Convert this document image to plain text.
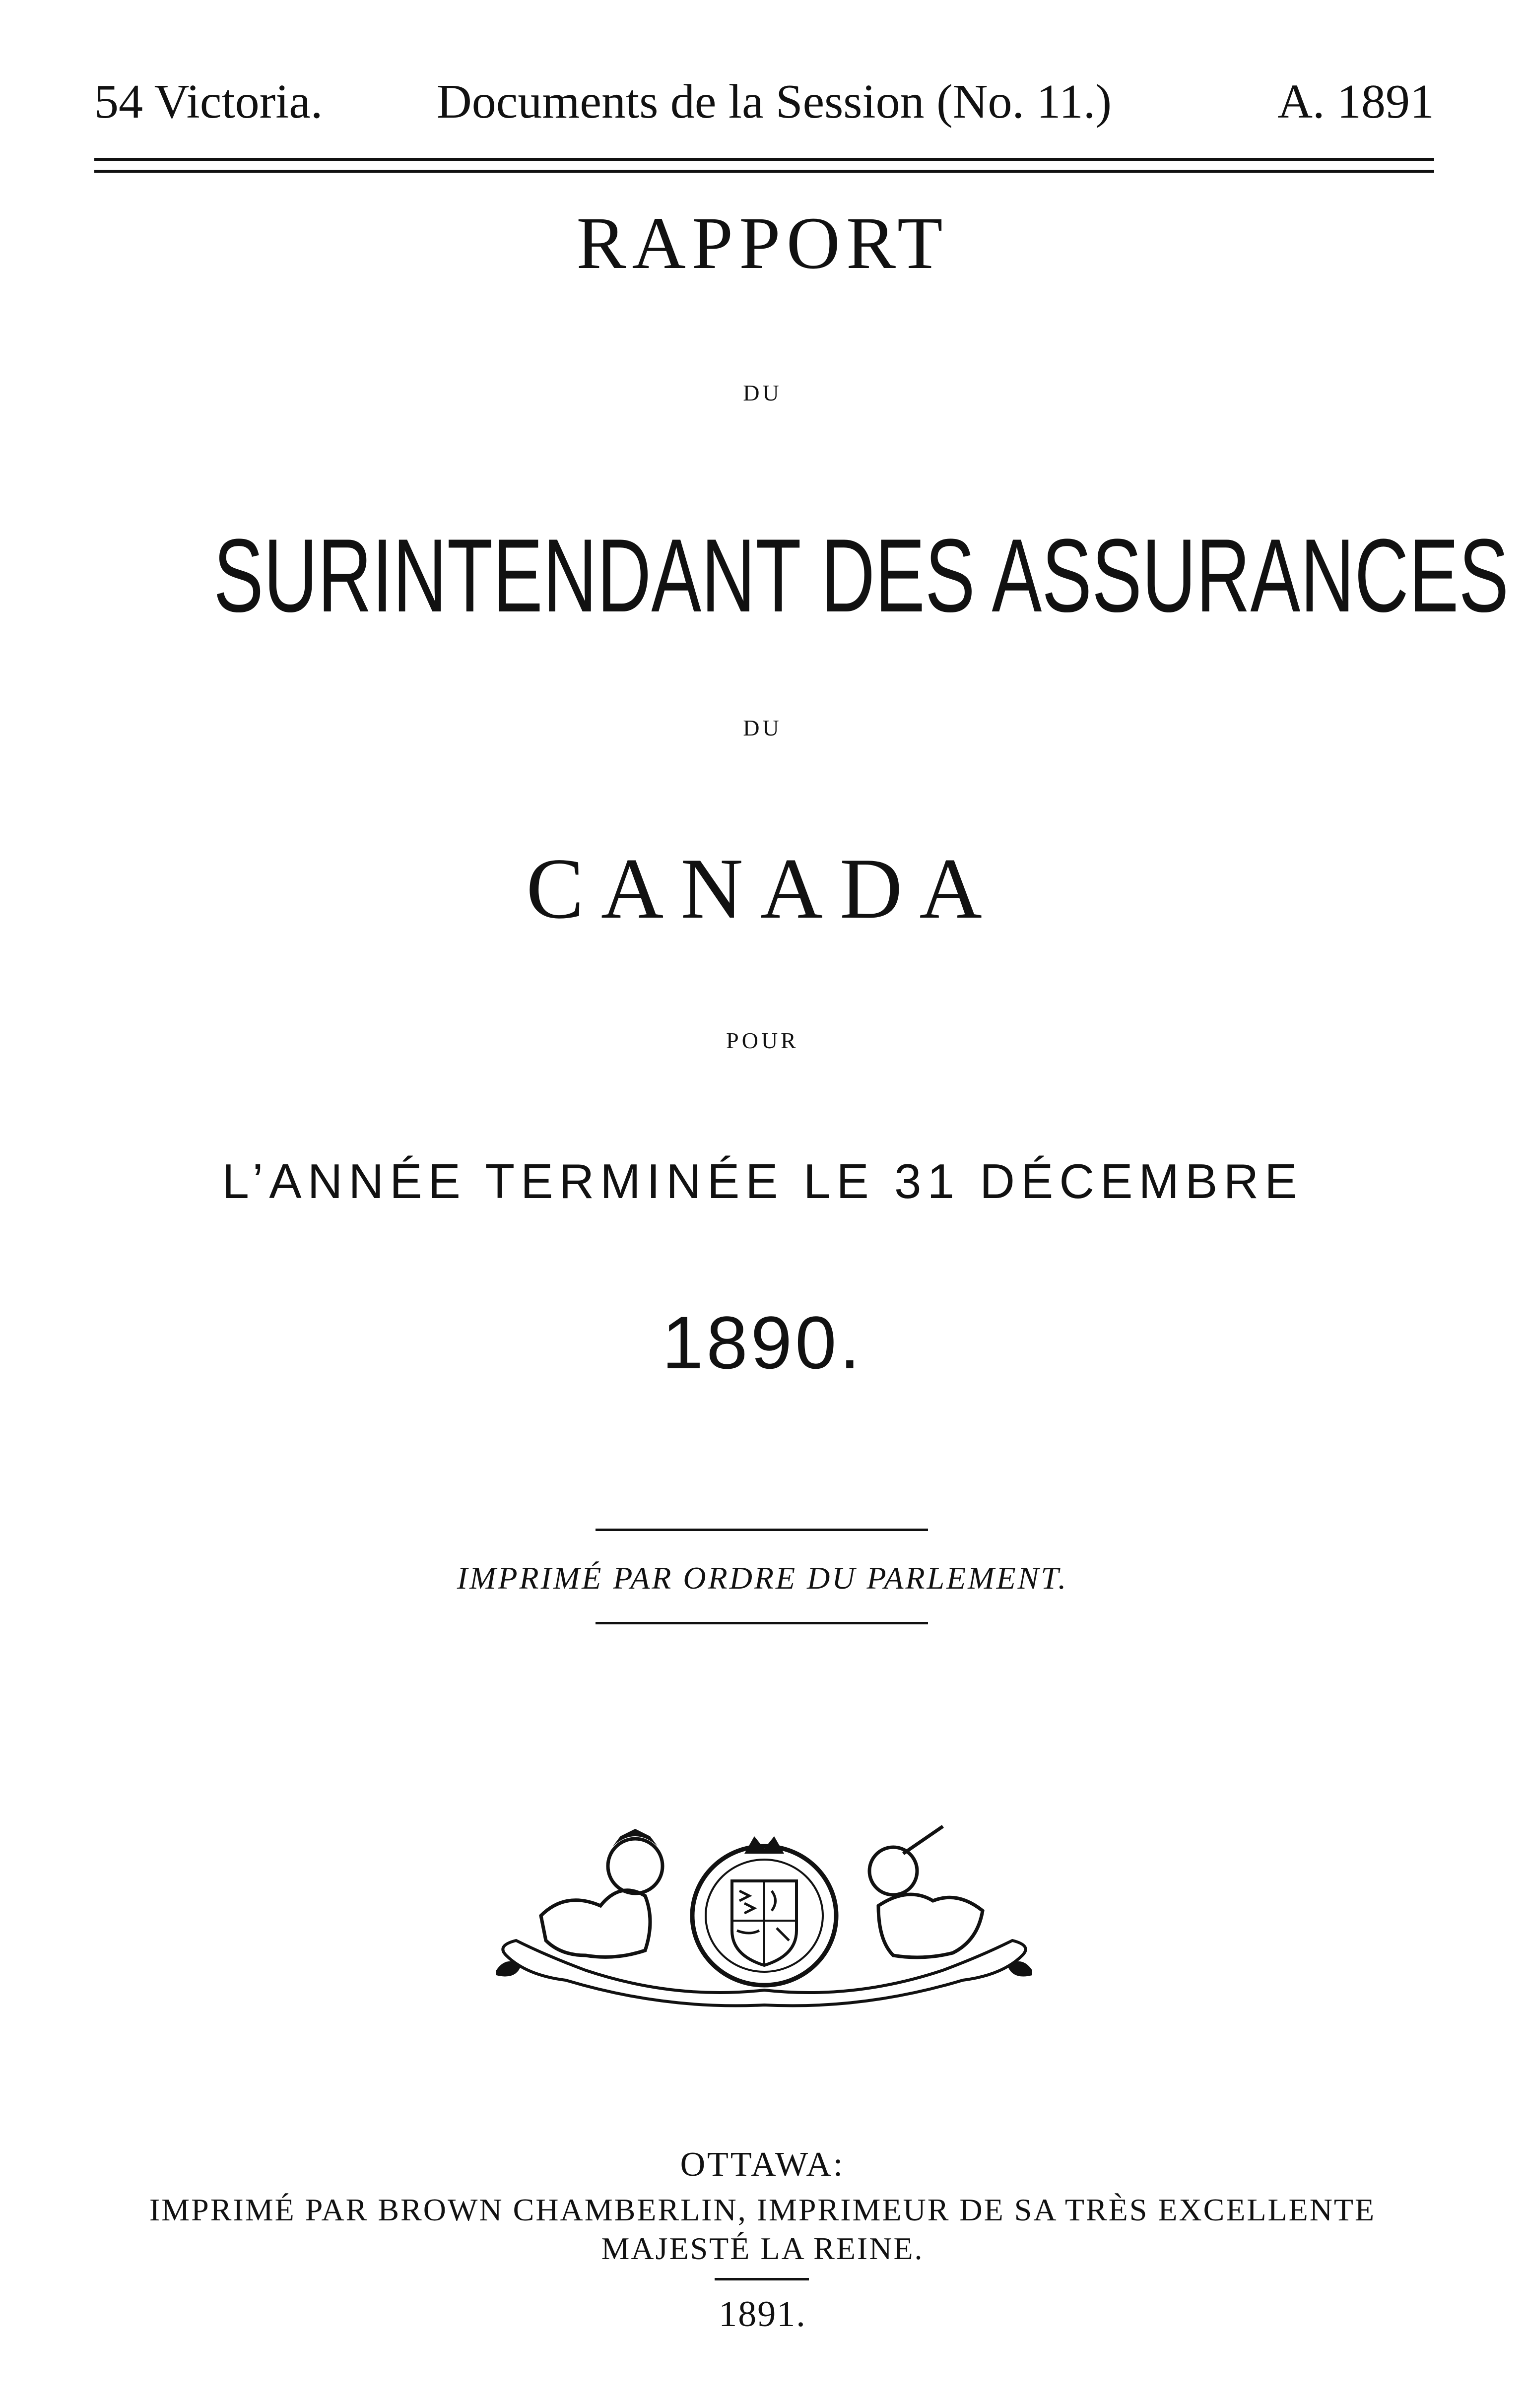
54 Victoria. Documents de la Session (No. 11.)	A. 1891
RAPPORT
DU
SURINTENDANT DES ASSURANCES
DU
CANADA
POUR
L’ANNÉE TERMINÉE LE 31 DÉCEMBRE
1890.
IMPRIMÉ PAR ORDRE DU PARLEMENT.
OTTAWA:
IMPRIMÉ PAR BROWN CHAMBERLIN, IMPRIMEUR DE SA TRÈS EXCELLENTE
MAJESTÉ LA REINE.
1891.
